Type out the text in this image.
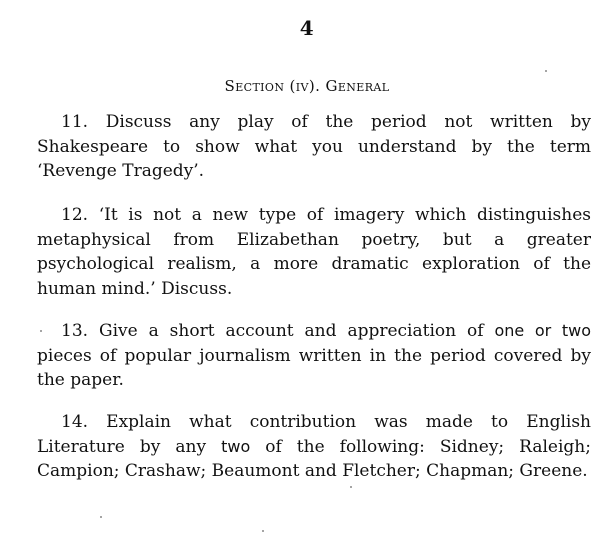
4
Section (iv). General

11. Discuss any play of the period not written by Shakespeare to show what you understand by the term ‘Revenge Tragedy’.

12. ‘It is not a new type of imagery which distinguishes metaphysical from Elizabethan poetry, but a greater psychological realism, a more dramatic exploration of the human mind.’ Discuss.

13. Give a short account and appreciation of one or two pieces of popular journalism written in the period covered by the paper.

14. Explain what contribution was made to English Literature by any two of the following: Sidney; Raleigh; Campion; Crashaw; Beaumont and Fletcher; Chapman; Greene.
